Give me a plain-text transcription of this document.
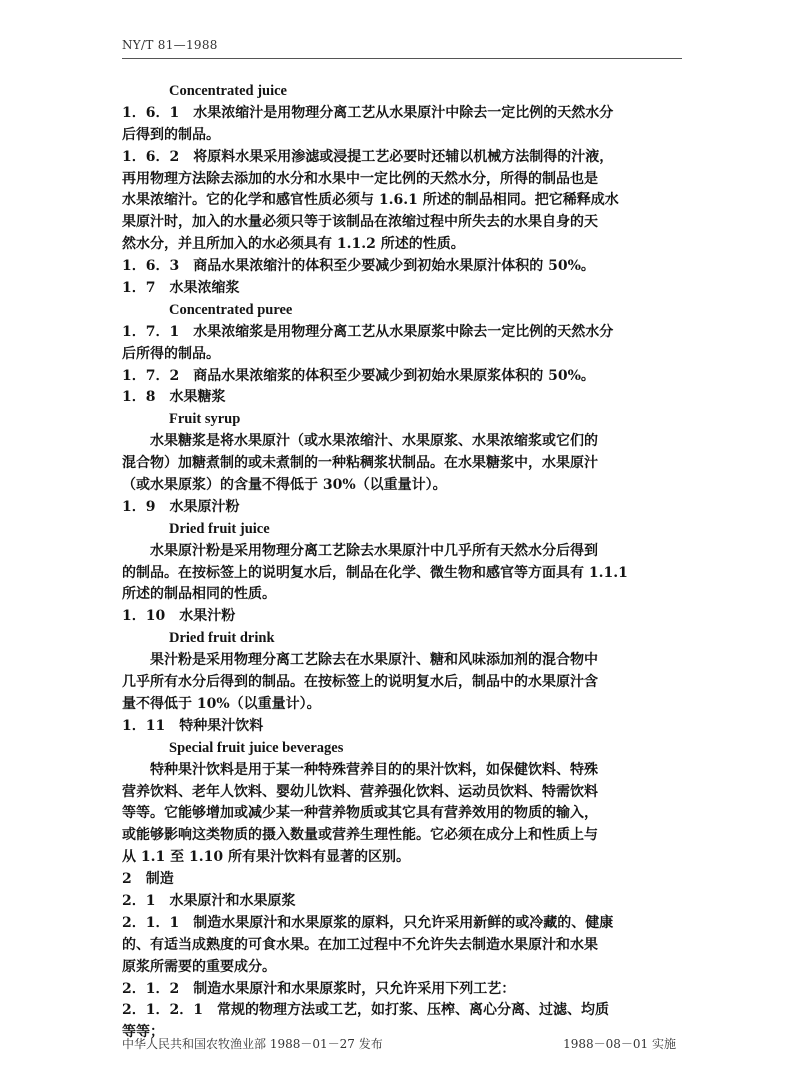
NY/T 81—1988
Concentrated juice
1．6．1　水果浓缩汁是用物理分离工艺从水果原汁中除去一定比例的天然水分
后得到的制品。
1．6．2　将原料水果采用渗滤或浸提工艺必要时还辅以机械方法制得的汁液，
再用物理方法除去添加的水分和水果中一定比例的天然水分，所得的制品也是
水果浓缩汁。它的化学和感官性质必须与 1.6.1 所述的制品相同。把它稀释成水
果原汁时，加入的水量必须只等于该制品在浓缩过程中所失去的水果自身的天
然水分，并且所加入的水必须具有 1.1.2 所述的性质。
1．6．3　商品水果浓缩汁的体积至少要减少到初始水果原汁体积的 50%。
1．7　水果浓缩浆
Concentrated puree
1．7．1　水果浓缩浆是用物理分离工艺从水果原浆中除去一定比例的天然水分
后所得的制品。
1．7．2　商品水果浓缩浆的体积至少要减少到初始水果原浆体积的 50%。
1．8　水果糖浆
Fruit syrup
水果糖浆是将水果原汁（或水果浓缩汁、水果原浆、水果浓缩浆或它们的
混合物）加糖煮制的或未煮制的一种粘稠浆状制品。在水果糖浆中，水果原汁
（或水果原浆）的含量不得低于 30%（以重量计）。
1．9　水果原汁粉
Dried fruit juice
水果原汁粉是采用物理分离工艺除去水果原汁中几乎所有天然水分后得到
的制品。在按标签上的说明复水后，制品在化学、微生物和感官等方面具有 1.1.1
所述的制品相同的性质。
1．10　水果汁粉
Dried fruit drink
果汁粉是采用物理分离工艺除去在水果原汁、糖和风味添加剂的混合物中
几乎所有水分后得到的制品。在按标签上的说明复水后，制品中的水果原汁含
量不得低于 10%（以重量计）。
1．11　特种果汁饮料
Special fruit juice beverages
特种果汁饮料是用于某一种特殊营养目的的果汁饮料，如保健饮料、特殊
营养饮料、老年人饮料、婴幼儿饮料、营养强化饮料、运动员饮料、特需饮料
等等。它能够增加或减少某一种营养物质或其它具有营养效用的物质的输入，
或能够影响这类物质的摄入数量或营养生理性能。它必须在成分上和性质上与
从 1.1 至 1.10 所有果汁饮料有显著的区别。
2　制造
2．1　水果原汁和水果原浆
2．1．1　制造水果原汁和水果原浆的原料，只允许采用新鲜的或冷藏的、健康
的、有适当成熟度的可食水果。在加工过程中不允许失去制造水果原汁和水果
原浆所需要的重要成分。
2．1．2　制造水果原汁和水果原浆时，只允许采用下列工艺：
2．1．2．1　常规的物理方法或工艺，如打浆、压榨、离心分离、过滤、均质
等等；
中华人民共和国农牧渔业部 1988－01－27 发布	1988－08－01 实施
